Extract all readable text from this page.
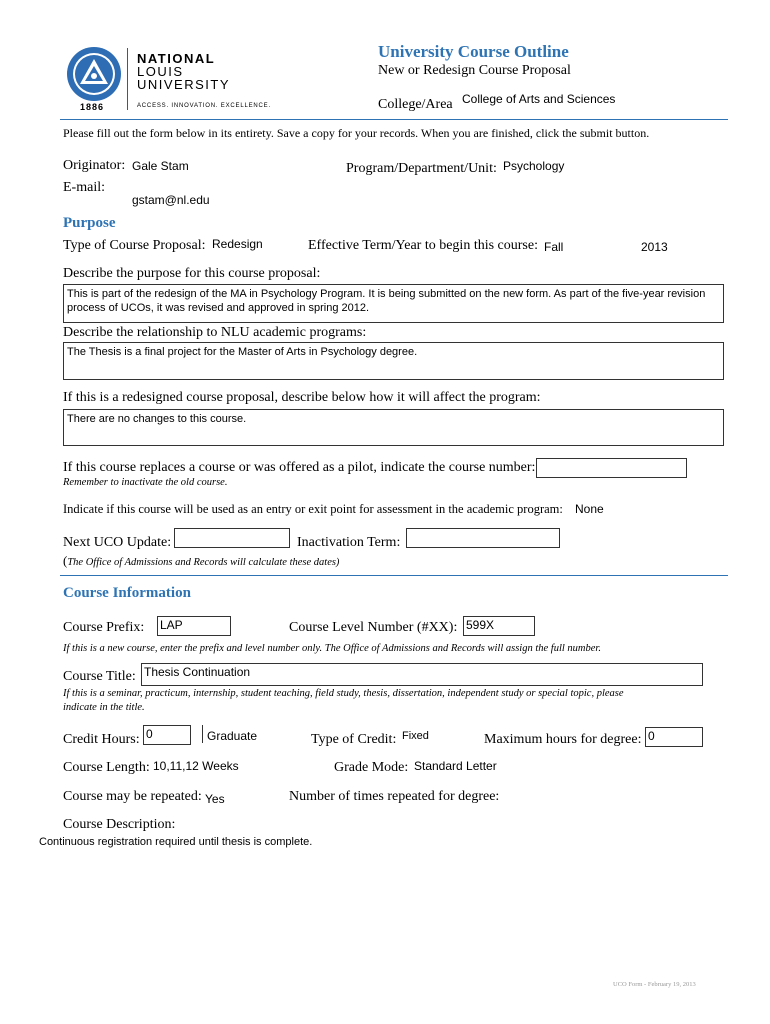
1886
NATIONAL
LOUIS
UNIVERSITY
ACCESS. INNOVATION. EXCELLENCE.
University Course Outline
New or Redesign Course Proposal
College/Area College of Arts and Sciences
Please fill out the form below in its entirety. Save a copy for your records. When you are finished, click the submit button.
Originator: Gale Stam	Program/Department/Unit: Psychology
E-mail:
gstam@nl.edu
Purpose
Type of Course Proposal: Redesign	Effective Term/Year to begin this course: Fall	2013
Describe the purpose for this course proposal:
This is part of the redesign of the MA in Psychology Program. It is being submitted on the new form. As part of the five-year revision process of UCOs, it was revised and approved in spring 2012.
Describe the relationship to NLU academic programs:
The Thesis is a final project for the Master of Arts in Psychology degree.
If this is a redesigned course proposal, describe below how it will affect the program:
There are no changes to this course.
If this course replaces a course or was offered as a pilot, indicate the course number:
Remember to inactivate the old course.
Indicate if this course will be used as an entry or exit point for assessment in the academic program: None
Next UCO Update:	Inactivation Term:
(The Office of Admissions and Records will calculate these dates)
Course Information
Course Prefix: LAP	Course Level Number (#XX): 599X
If this is a new course, enter the prefix and level number only. The Office of Admissions and Records will assign the full number.
Course Title: Thesis Continuation
If this is a seminar, practicum, internship, student teaching, field study, thesis, dissertation, independent study or special topic, please
indicate in the title.
Credit Hours: 0	Graduate	Type of Credit: Fixed	Maximum hours for degree: 0
Course Length: 10,11,12 Weeks	Grade Mode: Standard Letter
Course may be repeated: Yes	Number of times repeated for degree:
Course Description:
Continuous registration required until thesis is complete.
UCO Form - February 19, 2013
